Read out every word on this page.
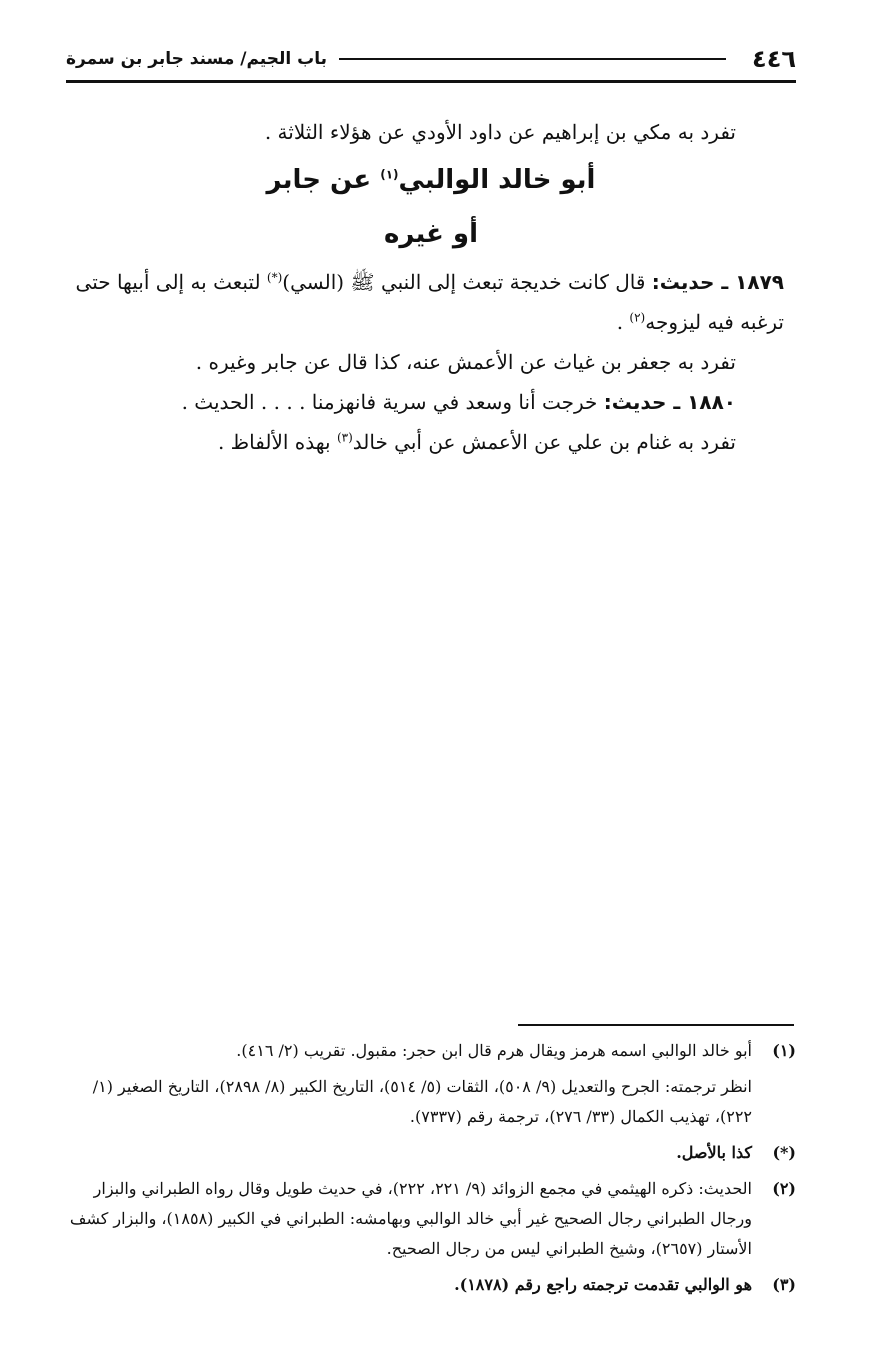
٤٤٦
باب الجيم/ مسند جابر بن سمرة

تفرد به مكي بن إبراهيم عن داود الأودي عن هؤلاء الثلاثة .

أبو خالد الوالبي$^{(١)}$ عن جابر
أو غيره

١٨٧٩ ـ حديث: قال كانت خديجة تبعث إلى النبي ﷺ (السي)(*) لتبعث به إلى أبيها حتى ترغبه فيه ليزوجه$^{(٢)}$ .

تفرد به جعفر بن غياث عن الأعمش عنه، كذا قال عن جابر وغيره .

١٨٨٠ ـ حديث: خرجت أنا وسعد في سرية فانهزمنا . . . . الحديث .

تفرد به غنام بن علي عن الأعمش عن أبي خالد$^{(٣)}$ بهذه الألفاظ .

(١)
أبو خالد الوالبي اسمه هرمز ويقال هرم قال ابن حجر: مقبول. تقريب (٢/ ٤١٦).
انظر ترجمته: الجرح والتعديل (٩/ ٥٠٨)، الثقات (٥/ ٥١٤)، التاريخ الكبير (٨/ ٢٨٩٨)، التاريخ الصغير (١/ ٢٢٢)، تهذيب الكمال (٣٣/ ٢٧٦)، ترجمة رقم (٧٣٣٧).
(*)
كذا بالأصل.
(٢)
الحديث: ذكره الهيثمي في مجمع الزوائد (٩/ ٢٢١، ٢٢٢)، في حديث طويل وقال رواه الطبراني والبزار ورجال الطبراني رجال الصحيح غير أبي خالد الوالبي وبهامشه: الطبراني في الكبير (١٨٥٨)، والبزار كشف الأستار (٢٦٥٧)، وشيخ الطبراني ليس من رجال الصحيح.
(٣)
هو الوالبي تقدمت ترجمته راجع رقم (١٨٧٨).
